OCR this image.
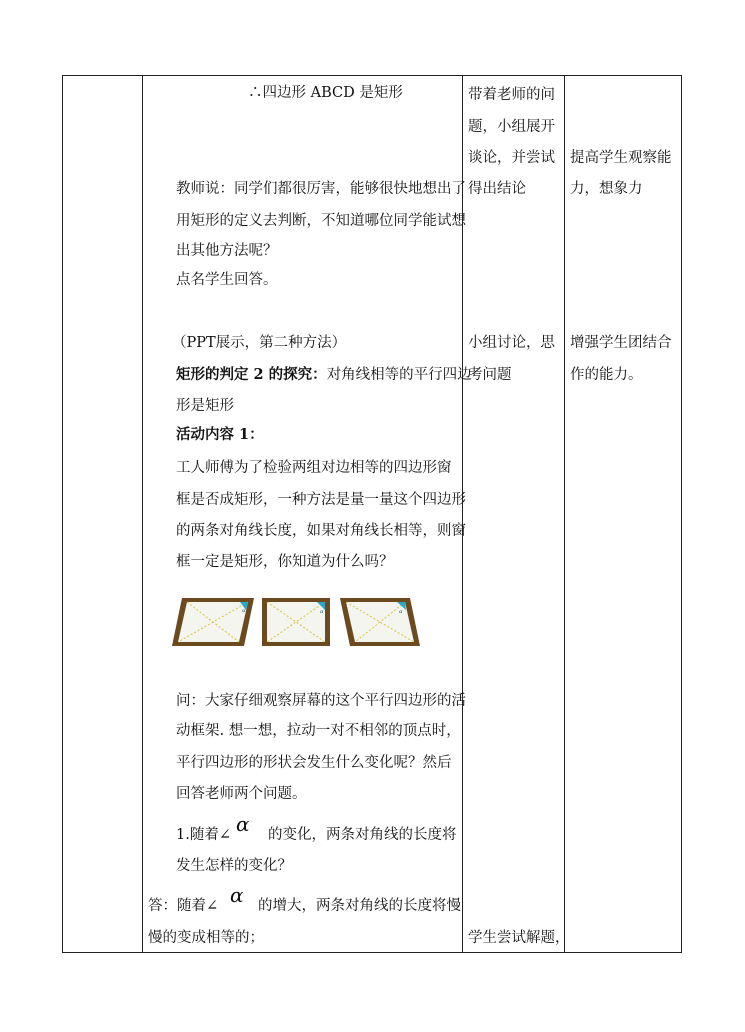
∴四边形 ABCD 是矩形
教师说：同学们都很厉害，能够很快地想出了
用矩形的定义去判断，不知道哪位同学能试想
出其他方法呢？
点名学生回答。
（PPT展示，第二种方法）
矩形的判定 2 的探究：对角线相等的平行四边
形是矩形
活动内容 1：
工人师傅为了检验两组对边相等的四边形窗
框是否成矩形，一种方法是量一量这个四边形
的两条对角线长度，如果对角线长相等，则窗
框一定是矩形，你知道为什么吗？
α	α	α
问：大家仔细观察屏幕的这个平行四边形的活
动框架. 想一想，拉动一对不相邻的顶点时，
平行四边形的形状会发生什么变化呢？然后
回答老师两个问题。
1.随着∠ α 的变化，两条对角线的长度将
发生怎样的变化？
答：随着∠ α 的增大，两条对角线的长度将慢
慢的变成相等的；
带着老师的问
题，小组展开
谈论，并尝试
得出结论
小组讨论，思
考问题
学生尝试解题，
提高学生观察能
力，想象力
增强学生团结合
作的能力。
